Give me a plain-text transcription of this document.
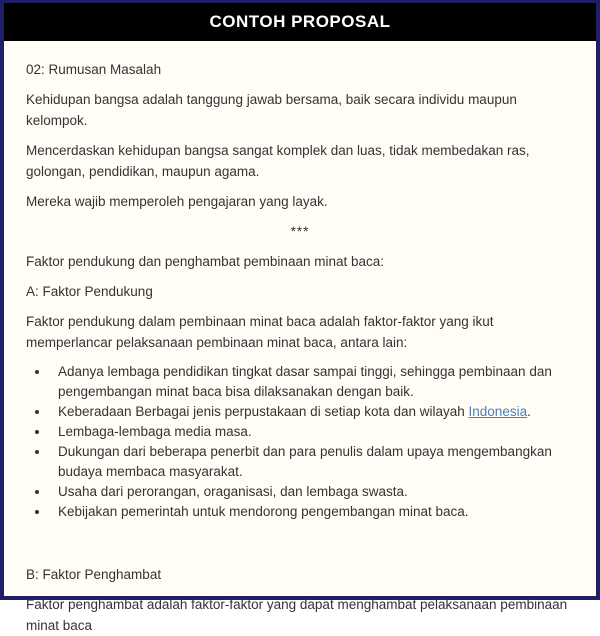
CONTOH PROPOSAL

02: Rumusan Masalah

Kehidupan bangsa adalah tanggung jawab bersama, baik secara individu maupun kelompok.

Mencerdaskan kehidupan bangsa sangat komplek dan luas, tidak membedakan ras, golongan, pendidikan, maupun agama.

Mereka wajib memperoleh pengajaran yang layak.

***

Faktor pendukung dan penghambat pembinaan minat baca:

A: Faktor Pendukung

Faktor pendukung dalam pembinaan minat baca adalah faktor-faktor yang ikut memperlancar pelaksanaan pembinaan minat baca, antara lain:

• Adanya lembaga pendidikan tingkat dasar sampai tinggi, sehingga pembinaan dan pengembangan minat baca bisa dilaksanakan dengan baik.
• Keberadaan Berbagai jenis perpustakaan di setiap kota dan wilayah Indonesia.
• Lembaga-lembaga media masa.
• Dukungan dari beberapa penerbit dan para penulis dalam upaya mengembangkan budaya membaca masyarakat.
• Usaha dari perorangan, oraganisasi, dan lembaga swasta.
• Kebijakan pemerintah untuk mendorong pengembangan minat baca.

B: Faktor Penghambat

Faktor penghambat adalah faktor-faktor yang dapat menghambat pelaksanaan pembinaan minat baca
